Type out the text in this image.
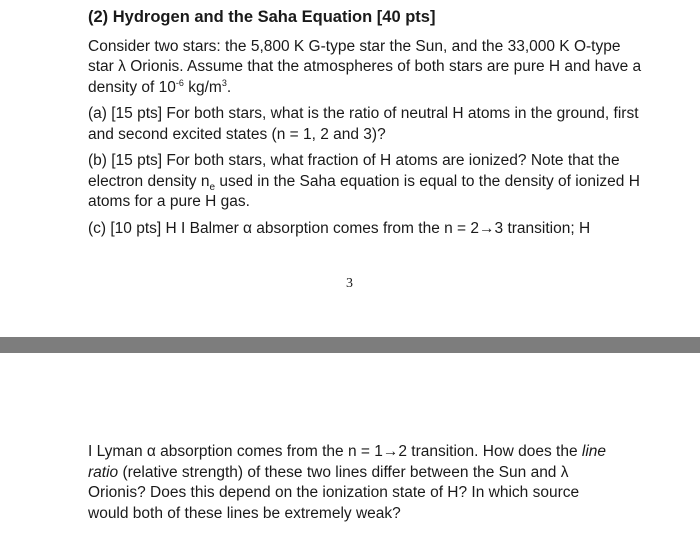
(2) Hydrogen and the Saha Equation [40 pts]

Consider two stars: the 5,800 K G-type star the Sun, and the 33,000 K O-type star λ Orionis. Assume that the atmospheres of both stars are pure H and have a density of $10^{-6}$ $kg/m^3$.

(a) [15 pts] For both stars, what is the ratio of neutral H atoms in the ground, first and second excited states (n = 1, 2 and 3)?

(b) [15 pts] For both stars, what fraction of H atoms are ionized? Note that the electron density $n_e$ used in the Saha equation is equal to the density of ionized H atoms for a pure H gas.

(c) [10 pts] H I Balmer α absorption comes from the n = 2→3 transition; H

3
I Lyman α absorption comes from the n = 1→2 transition. How does the line ratio (relative strength) of these two lines differ between the Sun and λ Orionis? Does this depend on the ionization state of H? In which source would both of these lines be extremely weak?
